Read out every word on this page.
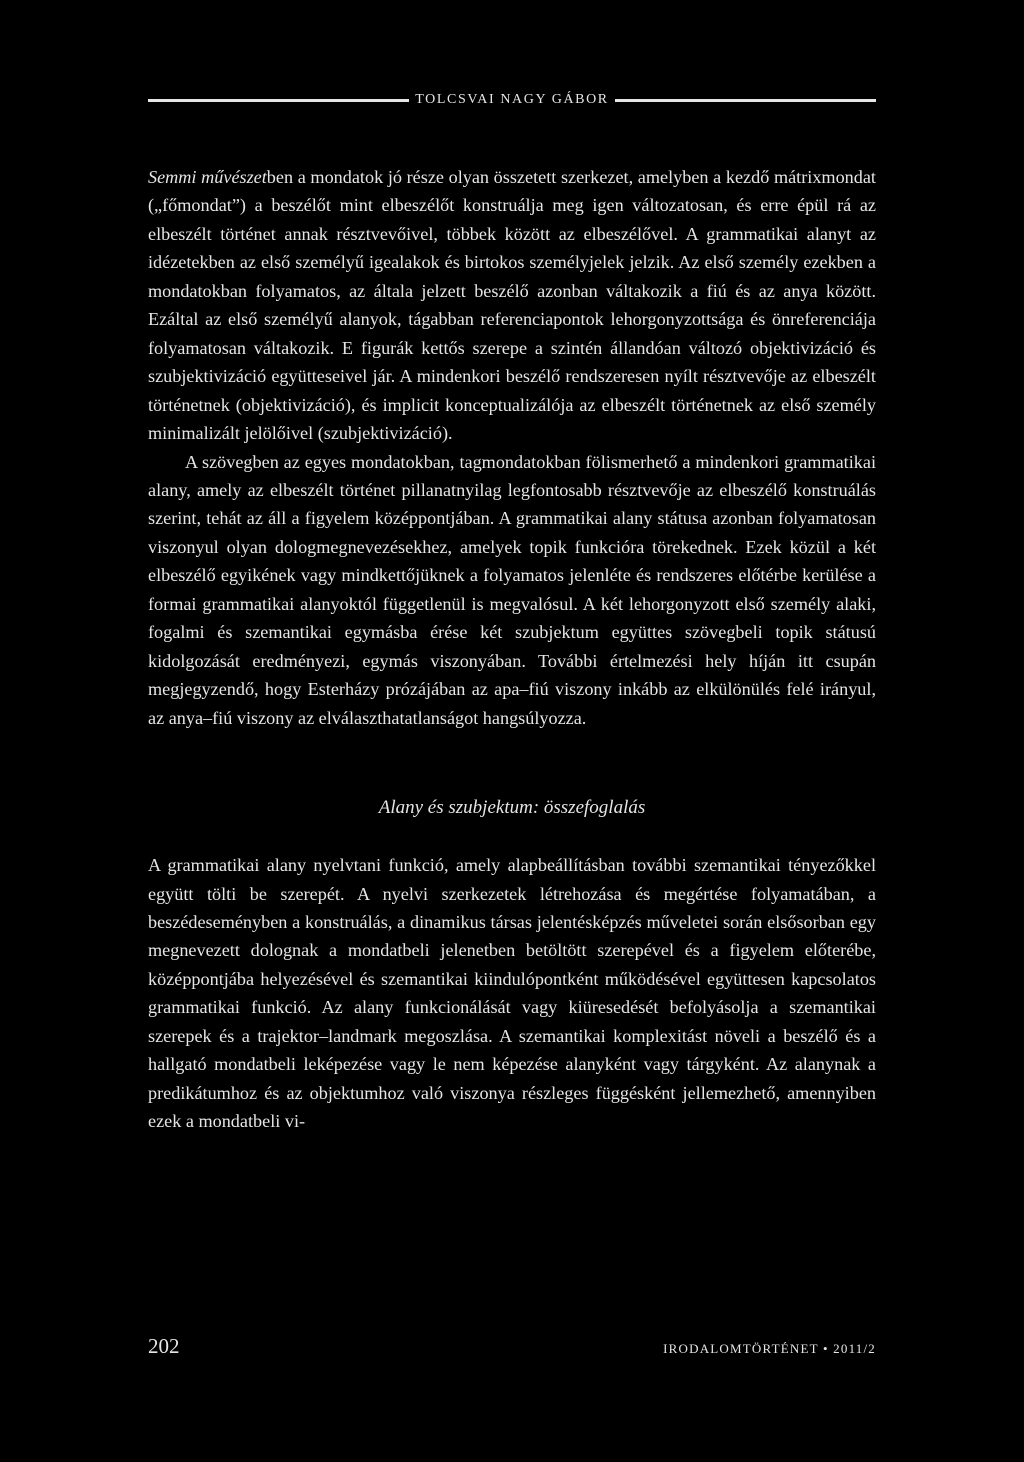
TOLCSVAI NAGY GÁBOR

Semmi művészetben a mondatok jó része olyan összetett szerkezet, amelyben a kezdő mátrixmondat („főmondat”) a beszélőt mint elbeszélőt konstruálja meg igen változatosan, és erre épül rá az elbeszélt történet annak résztvevőivel, többek között az elbeszélővel. A grammatikai alanyt az idézetekben az első személyű igealakok és birtokos személyjelek jelzik. Az első személy ezekben a mondatokban folyamatos, az általa jelzett beszélő azonban váltakozik a fiú és az anya között. Ezáltal az első személyű alanyok, tágabban referenciapontok lehorgonyzottsága és önreferenciája folyamatosan váltakozik. E figurák kettős szerepe a szintén állandóan változó objektivizáció és szubjektivizáció együtteseivel jár. A mindenkori beszélő rendszeresen nyílt résztvevője az elbeszélt történetnek (objektivizáció), és implicit konceptualizálója az elbeszélt történetnek az első személy minimalizált jelölőivel (szubjektivizáció).

A szövegben az egyes mondatokban, tagmondatokban fölismerhető a mindenkori grammatikai alany, amely az elbeszélt történet pillanatnyilag legfontosabb résztvevője az elbeszélő konstruálás szerint, tehát az áll a figyelem középpontjában. A grammatikai alany státusa azonban folyamatosan viszonyul olyan dologmegnevezésekhez, amelyek topik funkcióra törekednek. Ezek közül a két elbeszélő egyikének vagy mindkettőjüknek a folyamatos jelenléte és rendszeres előtérbe kerülése a formai grammatikai alanyoktól függetlenül is megvalósul. A két lehorgonyzott első személy alaki, fogalmi és szemantikai egymásba érése két szubjektum együttes szövegbeli topik státusú kidolgozását eredményezi, egymás viszonyában. További értelmezési hely híján itt csupán megjegyzendő, hogy Esterházy prózájában az apa–fiú viszony inkább az elkülönülés felé irányul, az anya–fiú viszony az elválaszthatatlanságot hangsúlyozza.

Alany és szubjektum: összefoglalás

A grammatikai alany nyelvtani funkció, amely alapbeállításban további szemantikai tényezőkkel együtt tölti be szerepét. A nyelvi szerkezetek létrehozása és megértése folyamatában, a beszédeseményben a konstruálás, a dinamikus társas jelentésképzés műveletei során elsősorban egy megnevezett dolognak a mondatbeli jelenetben betöltött szerepével és a figyelem előterébe, középpontjába helyezésével és szemantikai kiindulópontként működésével együttesen kapcsolatos grammatikai funkció. Az alany funkcionálását vagy kiüresedését befolyásolja a szemantikai szerepek és a trajektor–landmark megoszlása. A szemantikai komplexitást növeli a beszélő és a hallgató mondatbeli leképezése vagy le nem képezése alanyként vagy tárgyként. Az alanynak a predikátumhoz és az objektumhoz való viszonya részleges függésként jellemezhető, amennyiben ezek a mondatbeli vi-

202	IRODALOMTÖRTÉNET • 2011/2
